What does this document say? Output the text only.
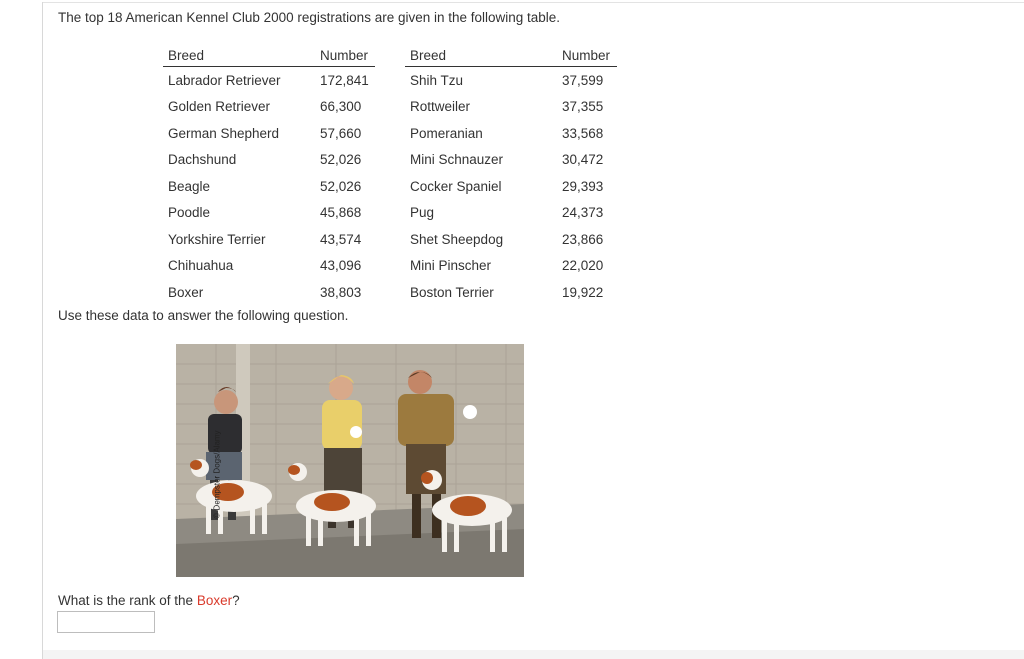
The top 18 American Kennel Club 2000 registrations are given in the following table.
Breed	Number		Breed	Number
Labrador Retriever	172,841		Shih Tzu	37,599
Golden Retriever	66,300		Rottweiler	37,355
German Shepherd	57,660		Pomeranian	33,568
Dachshund	52,026		Mini Schnauzer	30,472
Beagle	52,026		Cocker Spaniel	29,393
Poodle	45,868		Pug	24,373
Yorkshire Terrier	43,574		Shet Sheepdog	23,866
Chihuahua	43,096		Mini Pinscher	22,020
Boxer	38,803		Boston Terrier	19,922
Use these data to answer the following question.
© Dempster Dogs/Alamy
What is the rank of the Boxer?
